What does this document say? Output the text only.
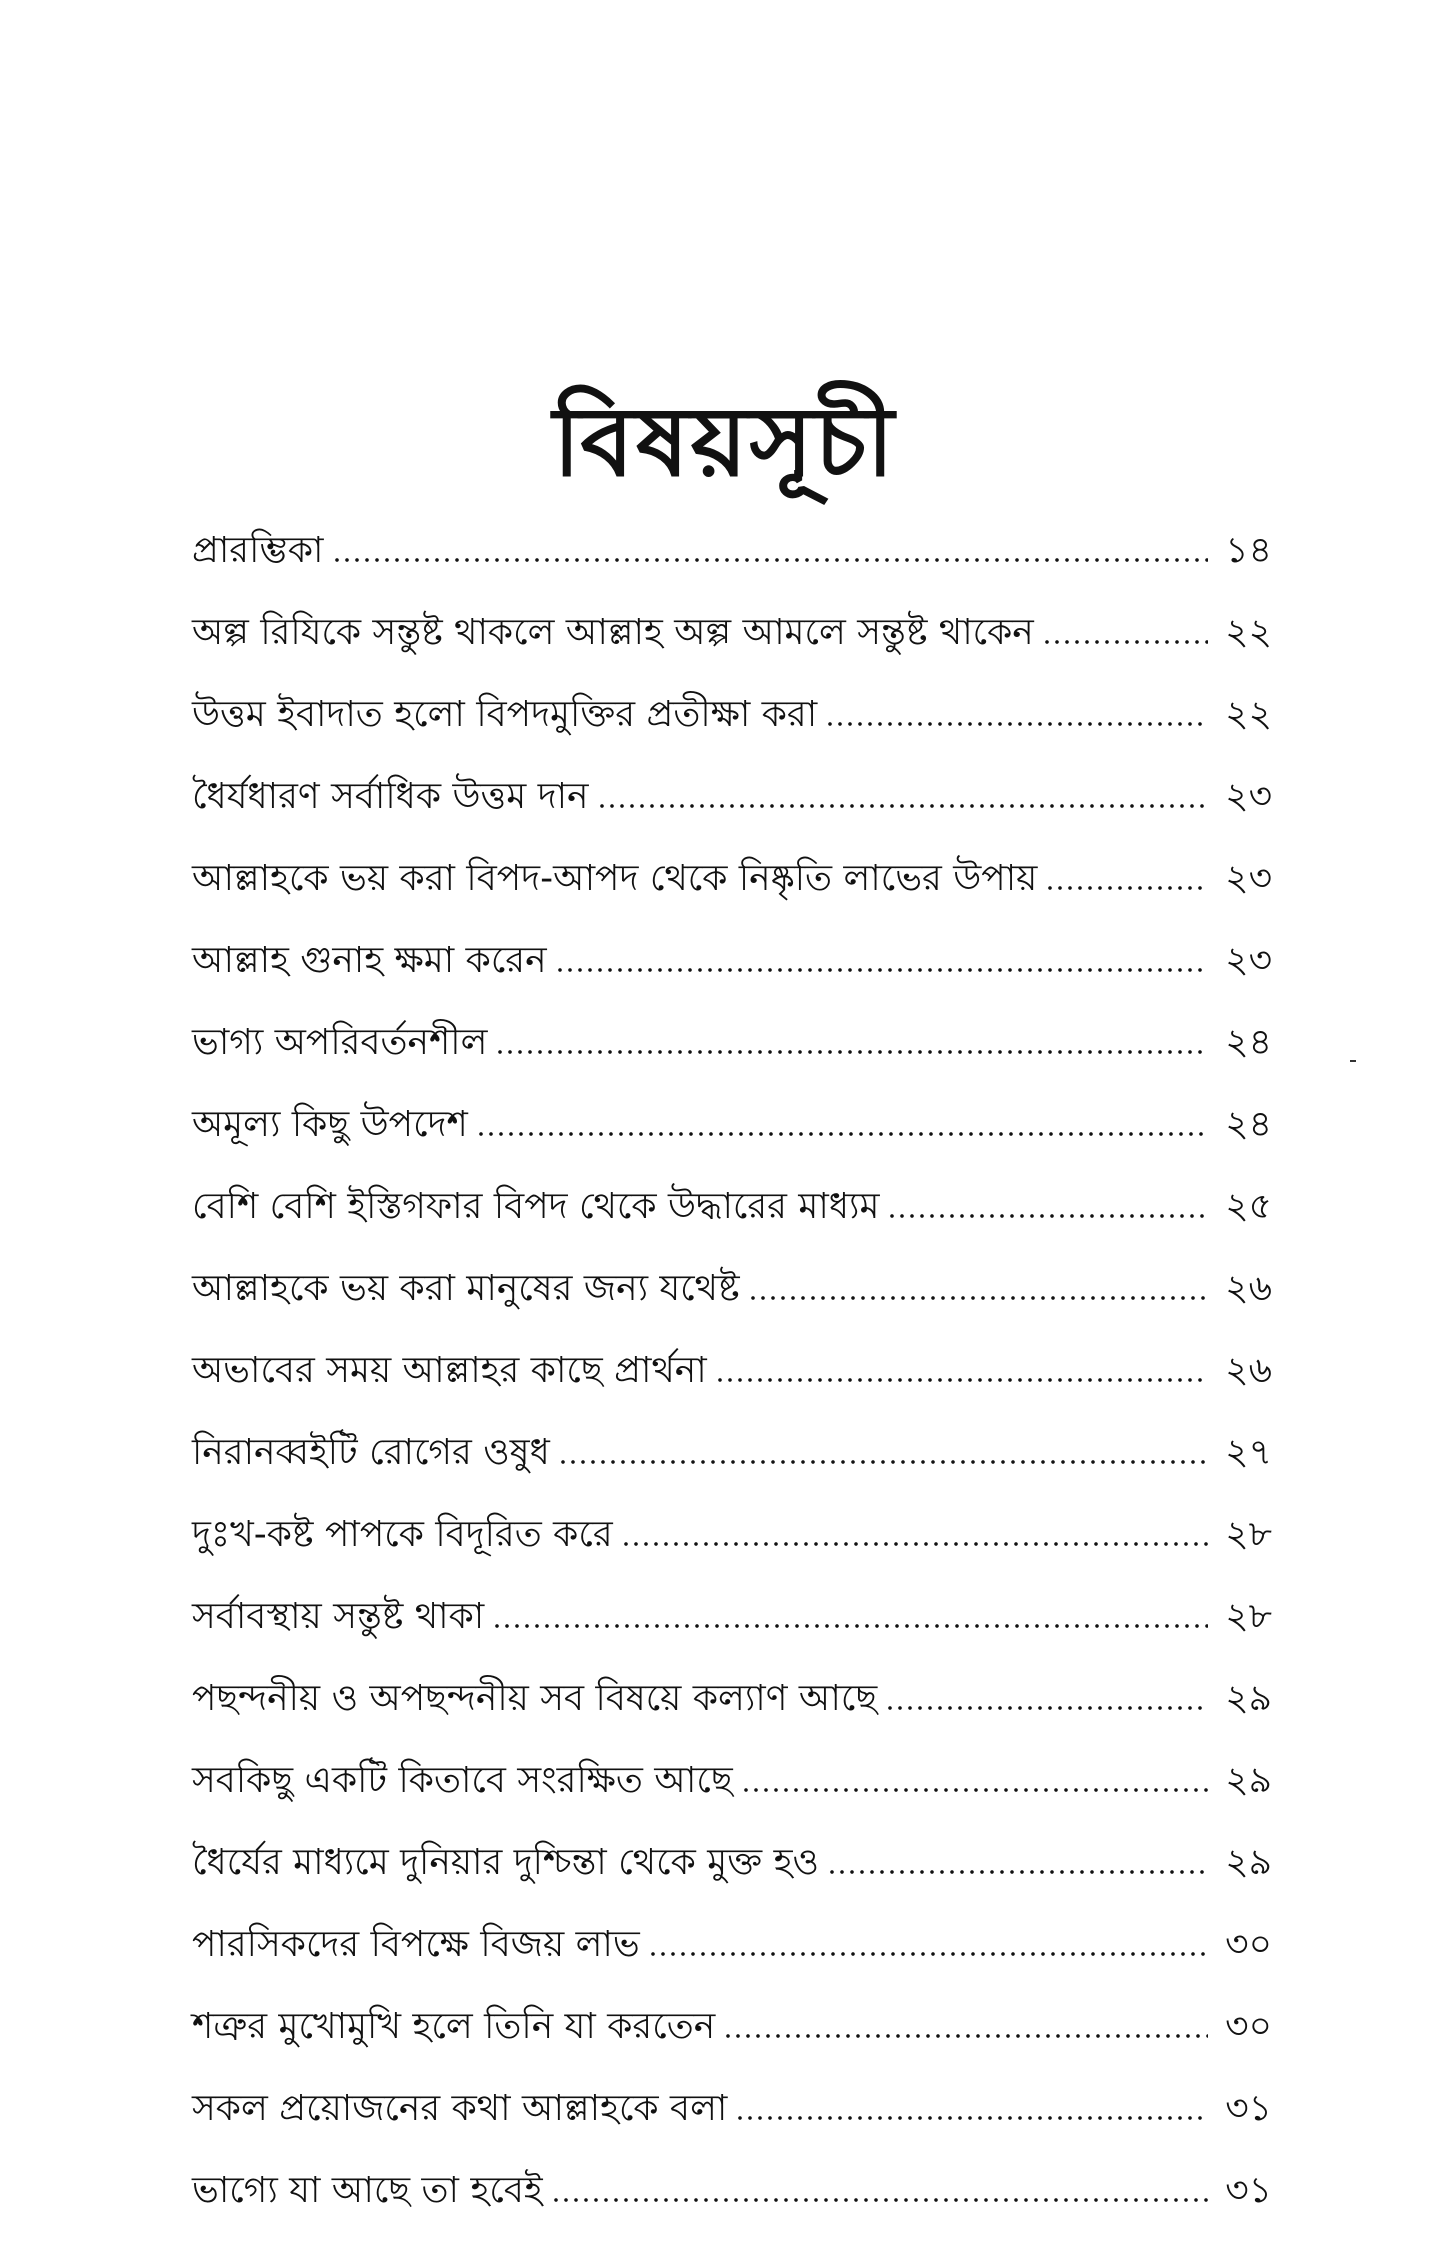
বিষয়সূচী
প্রারম্ভিকা	১৪
অল্প রিযিকে সন্তুষ্ট থাকলে আল্লাহ অল্প আমলে সন্তুষ্ট থাকেন	২২
উত্তম ইবাদাত হলো বিপদমুক্তির প্রতীক্ষা করা	২২
ধৈর্যধারণ সর্বাধিক উত্তম দান	২৩
আল্লাহকে ভয় করা বিপদ-আপদ থেকে নিষ্কৃতি লাভের উপায়	২৩
আল্লাহ গুনাহ ক্ষমা করেন	২৩
ভাগ্য অপরিবর্তনশীল	২৪
অমূল্য কিছু উপদেশ	২৪
বেশি বেশি ইস্তিগফার বিপদ থেকে উদ্ধারের মাধ্যম	২৫
আল্লাহকে ভয় করা মানুষের জন্য যথেষ্ট	২৬
অভাবের সময় আল্লাহর কাছে প্রার্থনা	২৬
নিরানব্বইটি রোগের ওষুধ	২৭
দুঃখ-কষ্ট পাপকে বিদূরিত করে	২৮
সর্বাবস্থায় সন্তুষ্ট থাকা	২৮
পছন্দনীয় ও অপছন্দনীয় সব বিষয়ে কল্যাণ আছে	২৯
সবকিছু একটি কিতাবে সংরক্ষিত আছে	২৯
ধৈর্যের মাধ্যমে দুনিয়ার দুশ্চিন্তা থেকে মুক্ত হও	২৯
পারসিকদের বিপক্ষে বিজয় লাভ	৩০
শত্রুর মুখোমুখি হলে তিনি যা করতেন	৩০
সকল প্রয়োজনের কথা আল্লাহকে বলা	৩১
ভাগ্যে যা আছে তা হবেই	৩১
